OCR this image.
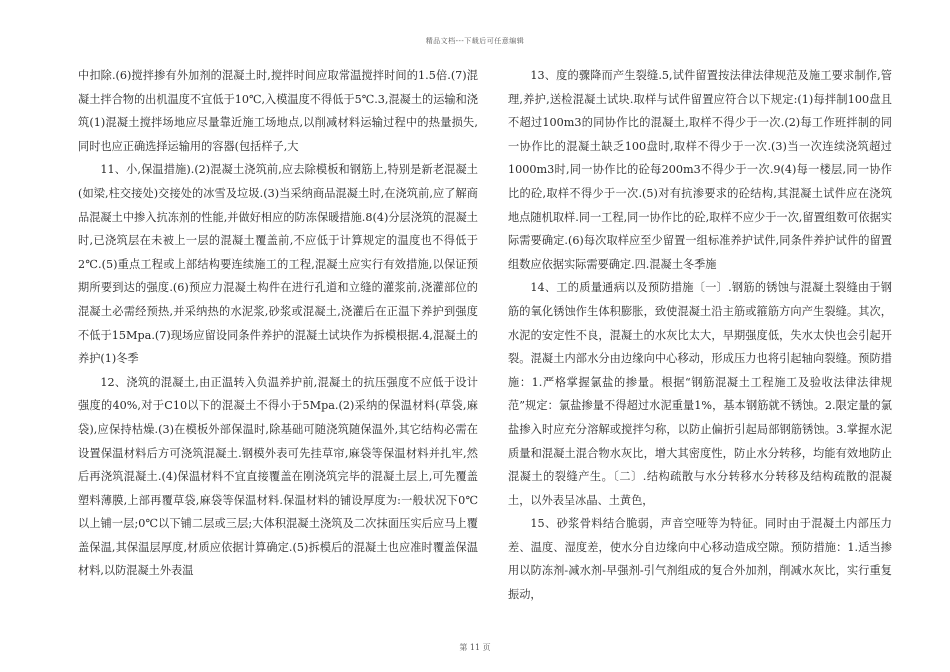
精品文档---下载后可任意编辑

中扣除.(6)搅拌掺有外加剂的混凝土时,搅拌时间应取常温搅拌时间的1.5倍.(7)混凝土拌合物的出机温度不宜低于10℃,入模温度不得低于5℃.3,混凝土的运输和浇筑(1)混凝土搅拌场地应尽量靠近施工场地点,以削减材料运输过程中的热量损失,同时也应正确选择运输用的容器(包括样子,大

11、小,保温措施).(2)混凝土浇筑前,应去除模板和钢筋上,特别是新老混凝土(如梁,柱交接处)交接处的冰雪及垃圾.(3)当采纳商品混凝土时,在浇筑前,应了解商品混凝土中掺入抗冻剂的性能,并做好相应的防冻保暖措施.8(4)分层浇筑的混凝土时,已浇筑层在未被上一层的混凝土覆盖前,不应低于计算规定的温度也不得低于2℃.(5)重点工程或上部结构要连续施工的工程,混凝土应实行有效措施,以保证预期所要到达的强度.(6)预应力混凝土构件在进行孔道和立缝的灌浆前,浇灌部位的混凝土必需经预热,并采纳热的水泥浆,砂浆或混凝土,浇灌后在正温下养护到强度不低于15Mpa.(7)现场应留设同条件养护的混凝土试块作为拆模根据.4,混凝土的养护(1)冬季

12、浇筑的混凝土,由正温转入负温养护前,混凝土的抗压强度不应低于设计强度的40%,对于C10以下的混凝土不得小于5Mpa.(2)采纳的保温材料(草袋,麻袋),应保持枯燥.(3)在模板外部保温时,除基础可随浇筑随保温外,其它结构必需在设置保温材料后方可浇筑混凝土.钢模外表可先挂草帘,麻袋等保温材料并扎牢,然后再浇筑混凝土.(4)保温材料不宜直接覆盖在刚浇筑完毕的混凝土层上,可先覆盖塑料薄膜,上部再覆草袋,麻袋等保温材料.保温材料的铺设厚度为:一般状况下0℃以上铺一层;0℃以下铺二层或三层;大体积混凝土浇筑及二次抹面压实后应马上覆盖保温,其保温层厚度,材质应依据计算确定.(5)拆模后的混凝土也应准时覆盖保温材料,以防混凝土外表温

13、度的骤降而产生裂缝.5,试件留置按法律法律规范及施工要求制作,管理,养护,送检混凝土试块.取样与试件留置应符合以下规定:(1)每拌制100盘且不超过100m3的同协作比的混凝土,取样不得少于一次.(2)每工作班拌制的同一协作比的混凝土缺乏100盘时,取样不得少于一次.(3)当一次连续浇筑超过1000m3时,同一协作比的砼每200m3不得少于一次.9(4)每一楼层,同一协作比的砼,取样不得少于一次.(5)对有抗渗要求的砼结构,其混凝土试件应在浇筑地点随机取样.同一工程,同一协作比的砼,取样不应少于一次,留置组数可依据实际需要确定.(6)每次取样应至少留置一组标准养护试件,同条件养护试件的留置组数应依据实际需要确定.四.混凝土冬季施

14、工的质量通病以及预防措施〔一〕.钢筋的锈蚀与混凝土裂缝由于钢筋的氧化锈蚀作生体积膨胀，致使混凝土沿主筋或箍筋方向产生裂缝。其次，水泥的安定性不良，混凝土的水灰比太大，早期强度低，失水太快也会引起开裂。混凝土内部水分由边缘向中心移动，形成压力也将引起轴向裂缝。预防措施：1.严格掌握氯盐的掺量。根据“钢筋混凝土工程施工及验收法律法律规范”规定：氯盐掺量不得超过水泥重量1%，基本钢筋就不锈蚀。2.限定量的氯盐掺入时应充分溶解或搅拌匀称，以防止偏折引起局部钢筋锈蚀。3.掌握水泥质量和混凝土混合物水灰比，增大其密度性，防止水分转移，均能有效地防止混凝土的裂缝产生。〔二〕.结构疏散与水分转移水分转移及结构疏散的混凝土，以外表呈冰晶、土黄色，

15、砂浆骨料结合脆弱，声音空哑等为特征。同时由于混凝土内部压力差、温度、湿度差，使水分自边缘向中心移动造成空隙。预防措施：1.适当掺用以防冻剂-减水剂-早强剂-引气剂组成的复合外加剂，削减水灰比，实行重复振动，

第 11 页
